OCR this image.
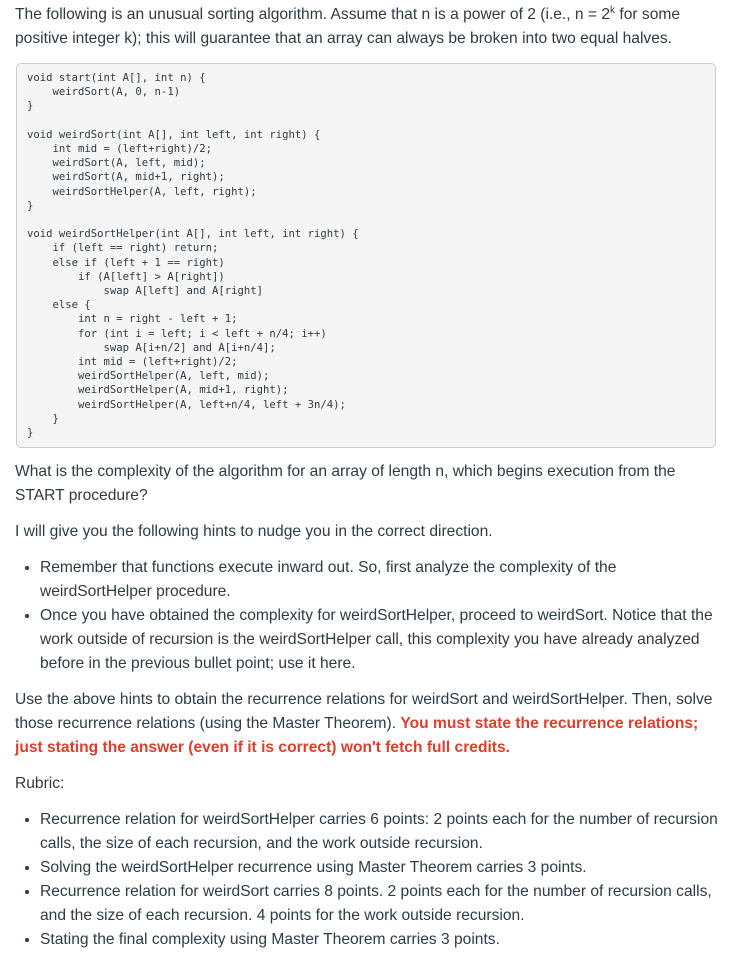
The following is an unusual sorting algorithm. Assume that n is a power of 2 (i.e., $n = 2^k$ for some positive integer k); this will guarantee that an array can always be broken into two equal halves.

void start(int A[], int n) {
weirdSort(A, 0, n-1)
}

void weirdSort(int A[], int left, int right) {
int mid = (left+right)/2;
weirdSort(A, left, mid);
weirdSort(A, mid+1, right);
weirdSortHelper(A, left, right);
}

void weirdSortHelper(int A[], int left, int right) {
if (left == right) return;
else if (left + 1 == right)
if (A[left] > A[right])
swap A[left] and A[right]
else {
int n = right - left + 1;
for (int i = left; i < left + n/4; i++)
swap A[i+n/2] and A[i+n/4];
int mid = (left+right)/2;
weirdSortHelper(A, left, mid);
weirdSortHelper(A, mid+1, right);
weirdSortHelper(A, left+n/4, left + 3n/4);
}
}

What is the complexity of the algorithm for an array of length n, which begins execution from the START procedure?

I will give you the following hints to nudge you in the correct direction.

• Remember that functions execute inward out. So, first analyze the complexity of the weirdSortHelper procedure.
• Once you have obtained the complexity for weirdSortHelper, proceed to weirdSort. Notice that the work outside of recursion is the weirdSortHelper call, this complexity you have already analyzed before in the previous bullet point; use it here.

Use the above hints to obtain the recurrence relations for weirdSort and weirdSortHelper. Then, solve those recurrence relations (using the Master Theorem). You must state the recurrence relations; just stating the answer (even if it is correct) won't fetch full credits.

Rubric:

• Recurrence relation for weirdSortHelper carries 6 points: 2 points each for the number of recursion calls, the size of each recursion, and the work outside recursion.
• Solving the weirdSortHelper recurrence using Master Theorem carries 3 points.
• Recurrence relation for weirdSort carries 8 points. 2 points each for the number of recursion calls, and the size of each recursion. 4 points for the work outside recursion.
• Stating the final complexity using Master Theorem carries 3 points.
